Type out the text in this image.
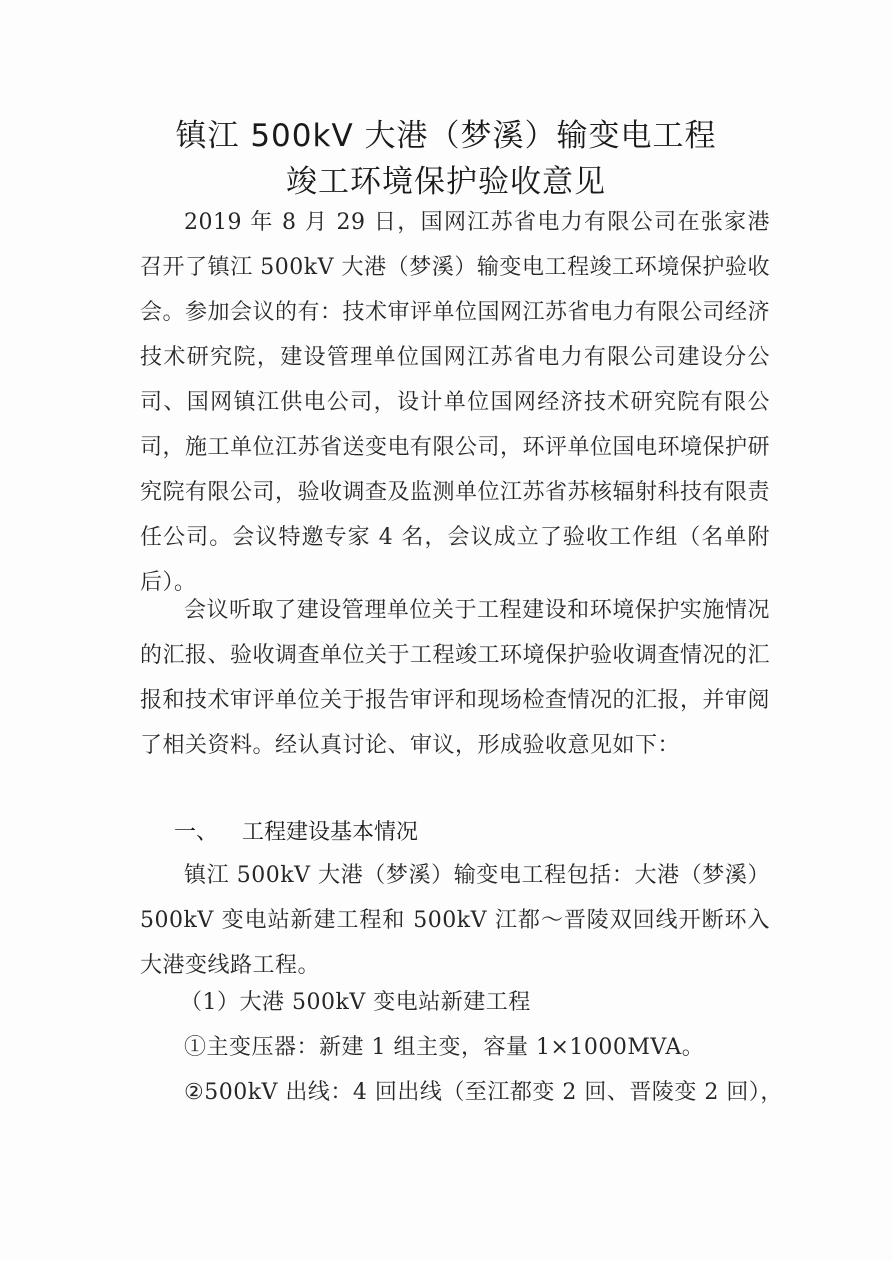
镇江 500kV 大港（梦溪）输变电工程
竣工环境保护验收意见

2019 年 8 月 29 日，国网江苏省电力有限公司在张家港召开了镇江 500kV 大港（梦溪）输变电工程竣工环境保护验收会。参加会议的有：技术审评单位国网江苏省电力有限公司经济技术研究院，建设管理单位国网江苏省电力有限公司建设分公司、国网镇江供电公司，设计单位国网经济技术研究院有限公司，施工单位江苏省送变电有限公司，环评单位国电环境保护研究院有限公司，验收调查及监测单位江苏省苏核辐射科技有限责任公司。会议特邀专家 4 名，会议成立了验收工作组（名单附后）。

会议听取了建设管理单位关于工程建设和环境保护实施情况的汇报、验收调查单位关于工程竣工环境保护验收调查情况的汇报和技术审评单位关于报告审评和现场检查情况的汇报，并审阅了相关资料。经认真讨论、审议，形成验收意见如下：

一、 工程建设基本情况

镇江 500kV 大港（梦溪）输变电工程包括：大港（梦溪）500kV 变电站新建工程和 500kV 江都～晋陵双回线开断环入大港变线路工程。

（1）大港 500kV 变电站新建工程
①主变压器：新建 1 组主变，容量 1×1000MVA。
②500kV 出线：4 回出线（至江都变 2 回、晋陵变 2 回），
